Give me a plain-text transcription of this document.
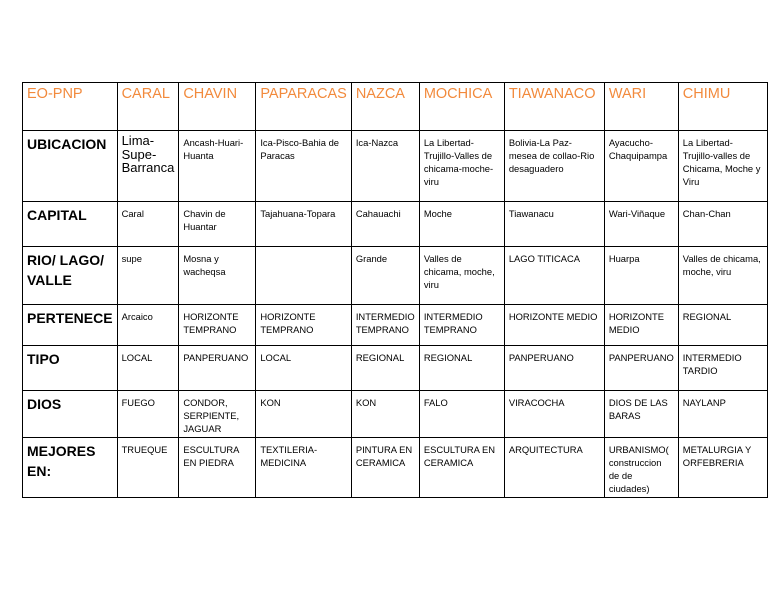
EO-PNP	CARAL	CHAVIN	PAPARACAS	NAZCA	MOCHICA	TIAWANACO	WARI	CHIMU
UBICACION	Lima-Supe-Barranca	Ancash-Huari-Huanta	Ica-Pisco-Bahia de Paracas	Ica-Nazca	La Libertad-Trujillo-Valles de chicama-moche-viru	Bolivia-La Paz-mesea de collao-Rio desaguadero	Ayacucho-Chaquipampa	La Libertad-Trujillo-valles de Chicama, Moche y Viru
CAPITAL	Caral	Chavin de Huantar	Tajahuana-Topara	Cahauachi	Moche	Tiawanacu	Wari-Viñaque	Chan-Chan
RIO/ LAGO/ VALLE	supe	Mosna y wacheqsa		Grande	Valles de chicama, moche, viru	LAGO TITICACA	Huarpa	Valles de chicama, moche, viru
PERTENECE	Arcaico	HORIZONTE TEMPRANO	HORIZONTE TEMPRANO	INTERMEDIO TEMPRANO	INTERMEDIO TEMPRANO	HORIZONTE MEDIO	HORIZONTE MEDIO	REGIONAL
TIPO	LOCAL	PANPERUANO	LOCAL	REGIONAL	REGIONAL	PANPERUANO	PANPERUANO	INTERMEDIO TARDIO
DIOS	FUEGO	CONDOR, SERPIENTE, JAGUAR	KON	KON	FALO	VIRACOCHA	DIOS DE LAS BARAS	NAYLANP
MEJORES EN:	TRUEQUE	ESCULTURA EN PIEDRA	TEXTILERIA-MEDICINA	PINTURA EN CERAMICA	ESCULTURA EN CERAMICA	ARQUITECTURA	URBANISMO( construccion de de ciudades)	METALURGIA Y ORFEBRERIA
